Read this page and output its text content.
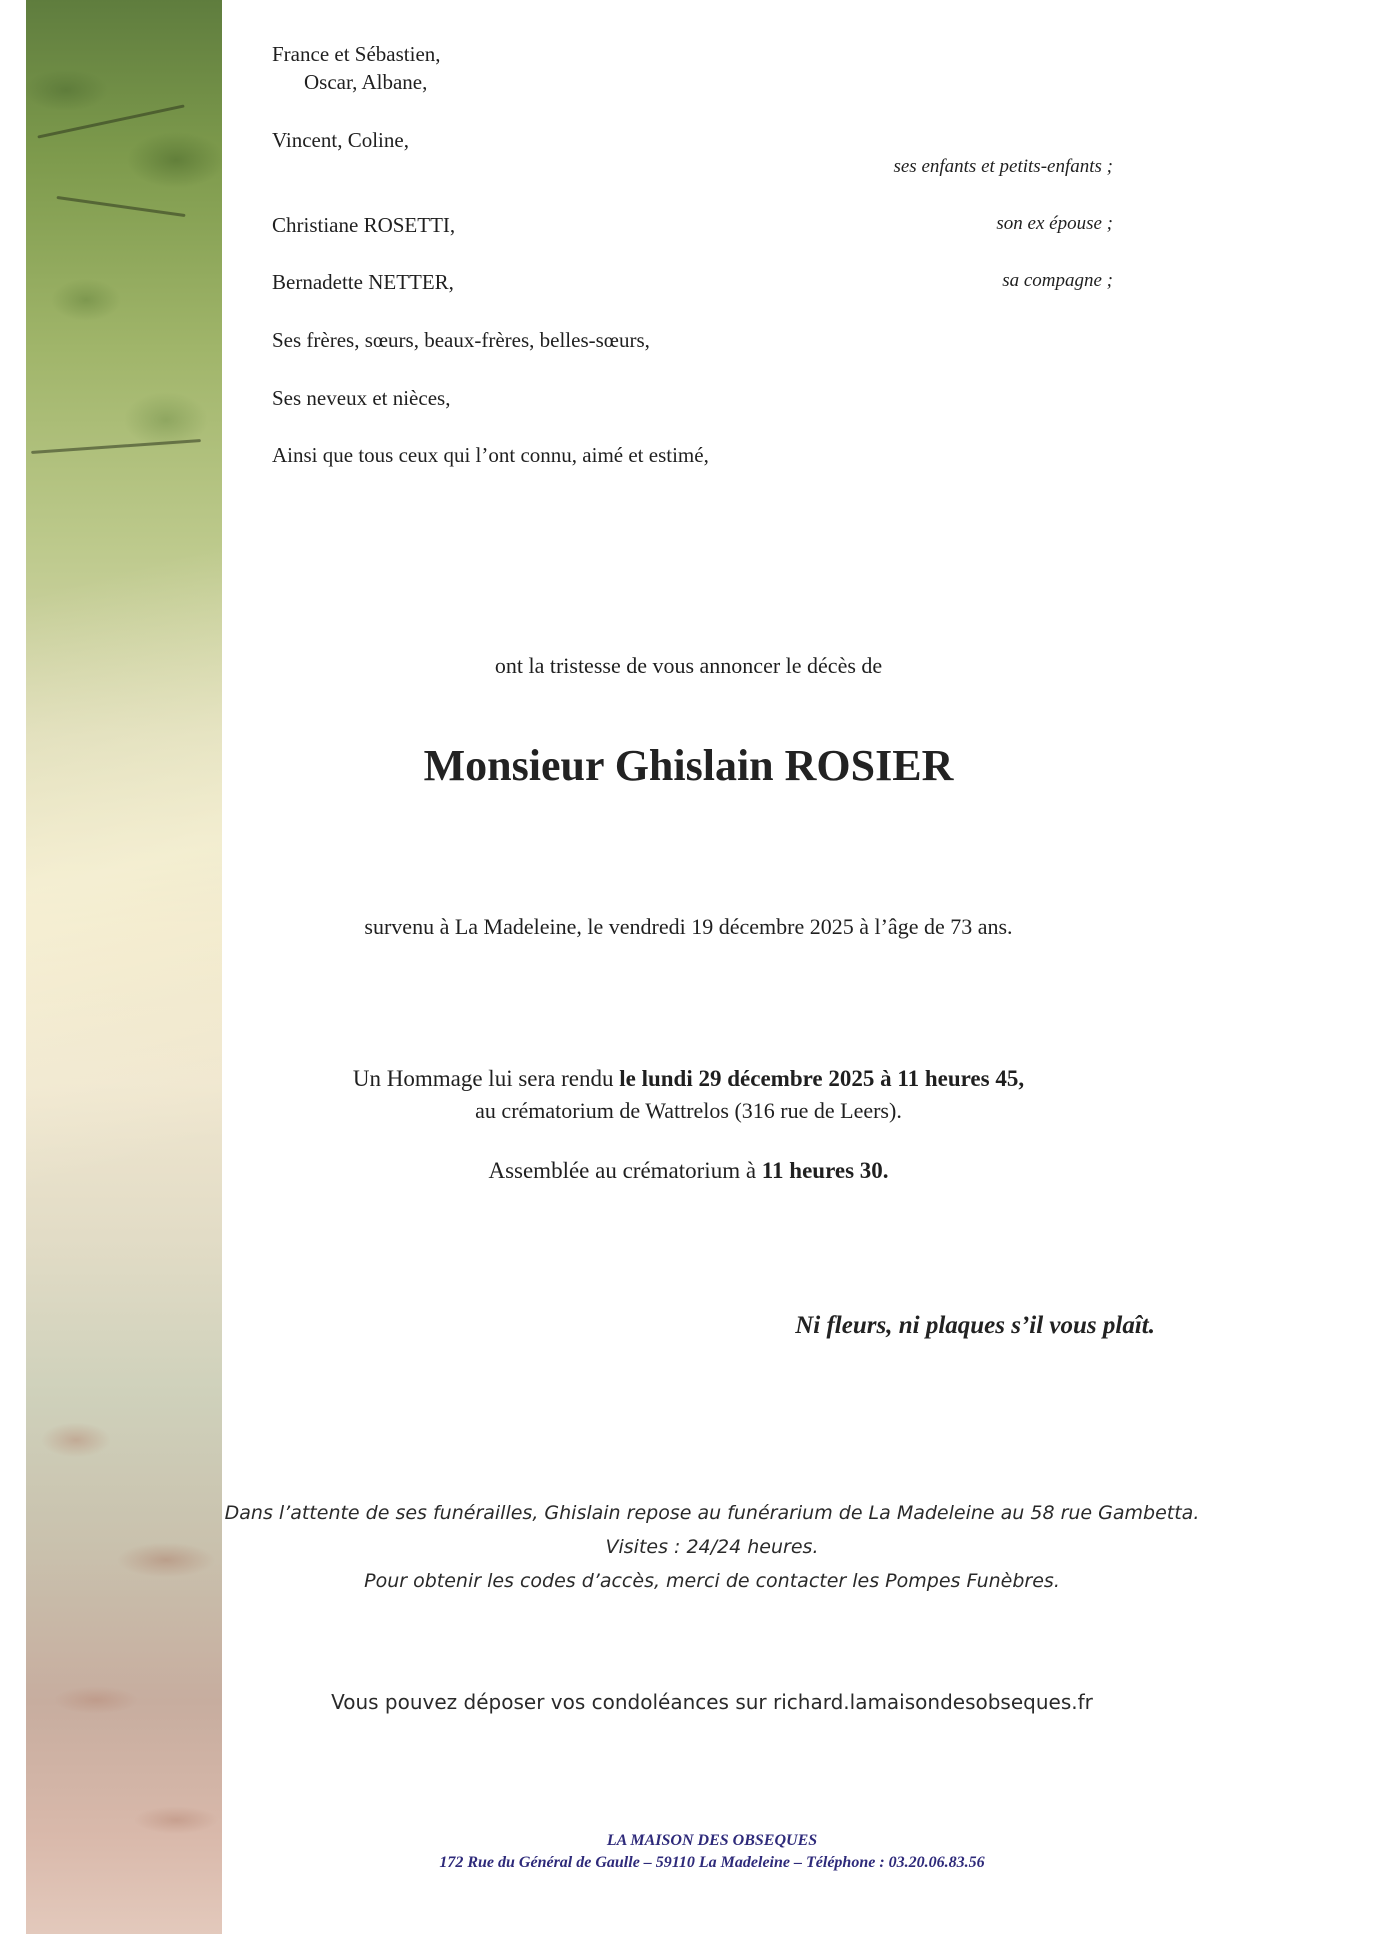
France et Sébastien,
Oscar, Albane,
Vincent, Coline,
ses enfants et petits-enfants ;
Christiane ROSETTI,	son ex épouse ;
Bernadette NETTER,	sa compagne ;
Ses frères, sœurs, beaux-frères, belles-sœurs,
Ses neveux et nièces,
Ainsi que tous ceux qui l’ont connu, aimé et estimé,
ont la tristesse de vous annoncer le décès de
Monsieur Ghislain ROSIER
survenu à La Madeleine, le vendredi 19 décembre 2025 à l’âge de 73 ans.
Un Hommage lui sera rendu le lundi 29 décembre 2025 à 11 heures 45,
au crématorium de Wattrelos (316 rue de Leers).
Assemblée au crématorium à 11 heures 30.
Ni fleurs, ni plaques s’il vous plaît.
Dans l’attente de ses funérailles, Ghislain repose au funérarium de La Madeleine au 58 rue Gambetta.
Visites : 24/24 heures.
Pour obtenir les codes d’accès, merci de contacter les Pompes Funèbres.
Vous pouvez déposer vos condoléances sur richard.lamaisondesobseques.fr
LA MAISON DES OBSEQUES
172 Rue du Général de Gaulle – 59110 La Madeleine – Téléphone : 03.20.06.83.56
